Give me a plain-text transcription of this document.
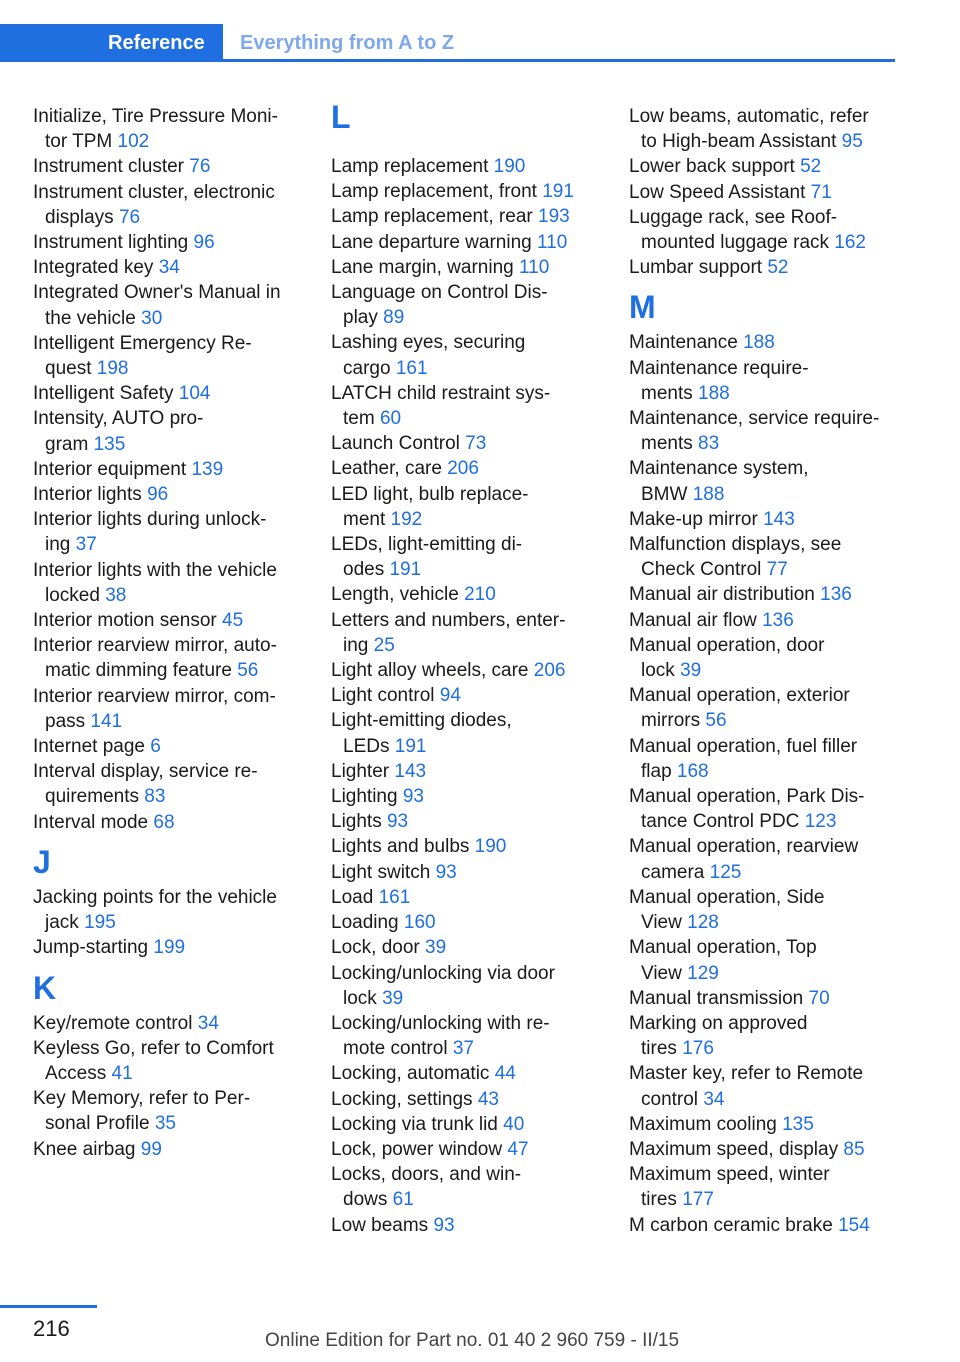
Reference	Everything from A to Z

Initialize, Tire Pressure Moni-
tor TPM 102

Instrument cluster 76

Instrument cluster, electronic
displays 76

Instrument lighting 96

Integrated key 34

Integrated Owner's Manual in
the vehicle 30

Intelligent Emergency Re-
quest 198

Intelligent Safety 104

Intensity, AUTO pro-
gram 135

Interior equipment 139

Interior lights 96

Interior lights during unlock-
ing 37

Interior lights with the vehicle
locked 38

Interior motion sensor 45

Interior rearview mirror, auto-
matic dimming feature 56

Interior rearview mirror, com-
pass 141

Internet page 6

Interval display, service re-
quirements 83

Interval mode 68

J

Jacking points for the vehicle
jack 195

Jump-starting 199

K

Key/remote control 34

Keyless Go, refer to Comfort
Access 41

Key Memory, refer to Per-
sonal Profile 35

Knee airbag 99

L

Lamp replacement 190

Lamp replacement, front 191

Lamp replacement, rear 193

Lane departure warning 110

Lane margin, warning 110

Language on Control Dis-
play 89

Lashing eyes, securing
cargo 161

LATCH child restraint sys-
tem 60

Launch Control 73

Leather, care 206

LED light, bulb replace-
ment 192

LEDs, light-emitting di-
odes 191

Length, vehicle 210

Letters and numbers, enter-
ing 25

Light alloy wheels, care 206

Light control 94

Light-emitting diodes,
LEDs 191

Lighter 143

Lighting 93

Lights 93

Lights and bulbs 190

Light switch 93

Load 161

Loading 160

Lock, door 39

Locking/unlocking via door
lock 39

Locking/unlocking with re-
mote control 37

Locking, automatic 44

Locking, settings 43

Locking via trunk lid 40

Lock, power window 47

Locks, doors, and win-
dows 61

Low beams 93

Low beams, automatic, refer
to High-beam Assistant 95

Lower back support 52

Low Speed Assistant 71

Luggage rack, see Roof-
mounted luggage rack 162

Lumbar support 52

M

Maintenance 188

Maintenance require-
ments 188

Maintenance, service require-
ments 83

Maintenance system,
BMW 188

Make-up mirror 143

Malfunction displays, see
Check Control 77

Manual air distribution 136

Manual air flow 136

Manual operation, door
lock 39

Manual operation, exterior
mirrors 56

Manual operation, fuel filler
flap 168

Manual operation, Park Dis-
tance Control PDC 123

Manual operation, rearview
camera 125

Manual operation, Side
View 128

Manual operation, Top
View 129

Manual transmission 70

Marking on approved
tires 176

Master key, refer to Remote
control 34

Maximum cooling 135

Maximum speed, display 85

Maximum speed, winter
tires 177

M carbon ceramic brake 154

216	Online Edition for Part no. 01 40 2 960 759 - II/15
